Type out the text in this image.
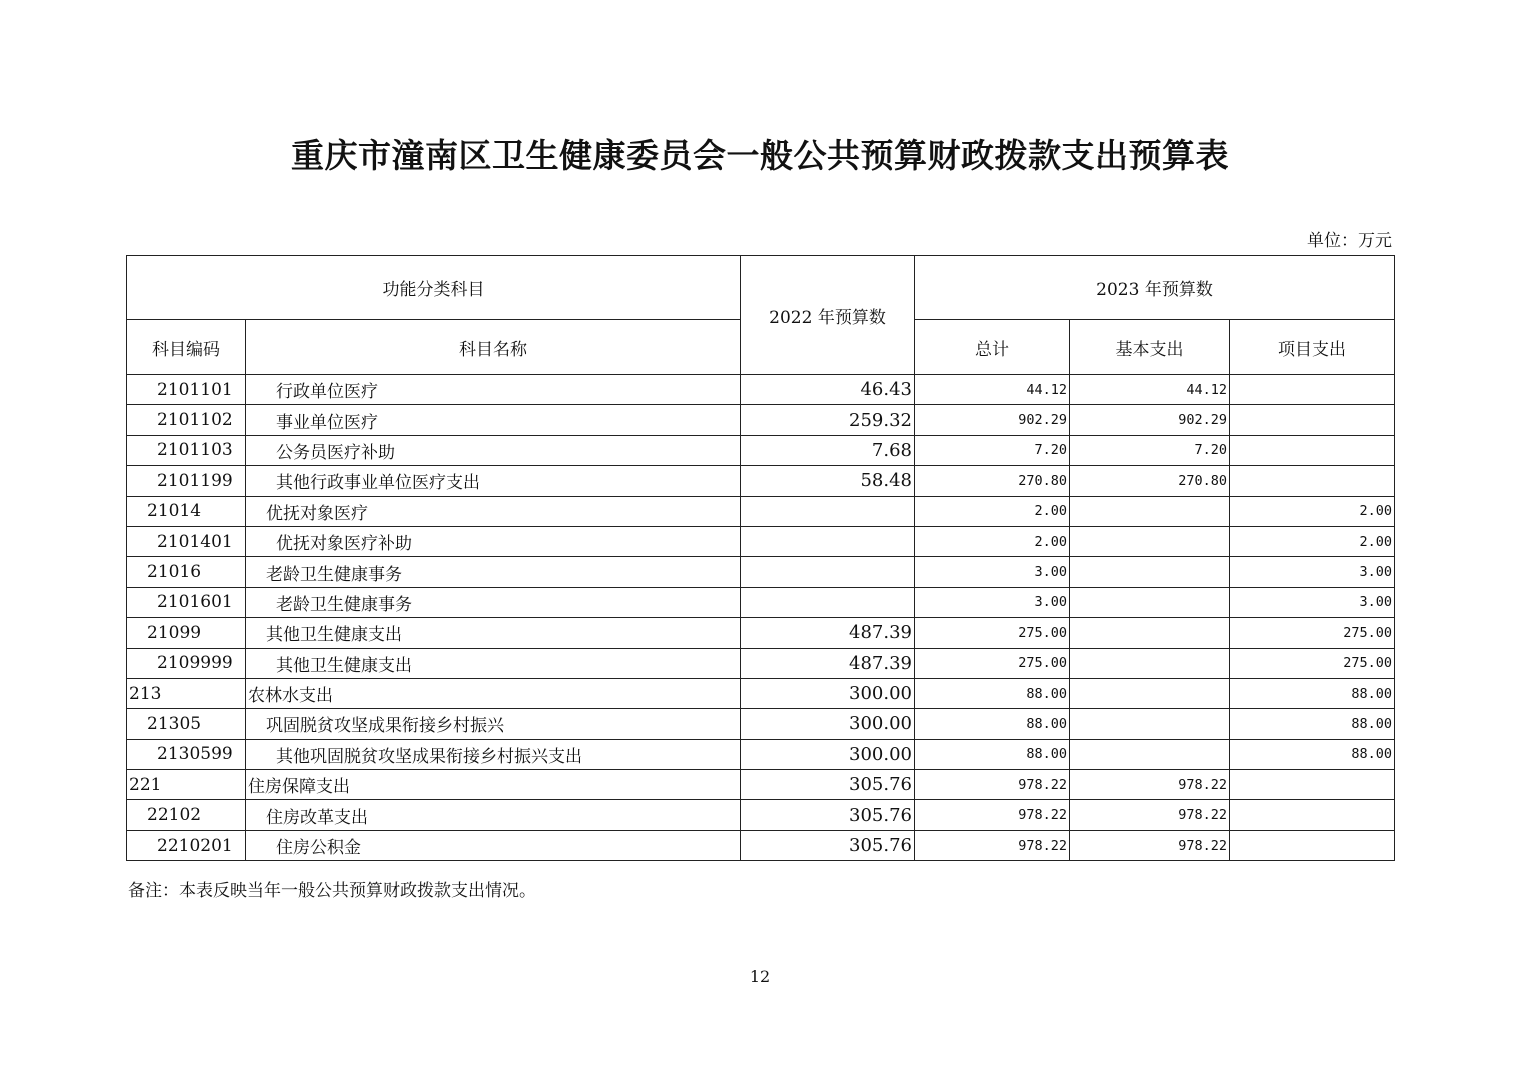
重庆市潼南区卫生健康委员会一般公共预算财政拨款支出预算表
单位：万元
功能分类科目		2022 年预算数	2023 年预算数		
科目编码	科目名称		总计	基本支出	项目支出
2101101	行政单位医疗	46.43	44.12	44.12	
2101102	事业单位医疗	259.32	902.29	902.29	
2101103	公务员医疗补助	7.68	7.20	7.20	
2101199	其他行政事业单位医疗支出	58.48	270.80	270.80	
21014	优抚对象医疗		2.00		2.00
2101401	优抚对象医疗补助		2.00		2.00
21016	老龄卫生健康事务		3.00		3.00
2101601	老龄卫生健康事务		3.00		3.00
21099	其他卫生健康支出	487.39	275.00		275.00
2109999	其他卫生健康支出	487.39	275.00		275.00
213	农林水支出	300.00	88.00		88.00
21305	巩固脱贫攻坚成果衔接乡村振兴	300.00	88.00		88.00
2130599	其他巩固脱贫攻坚成果衔接乡村振兴支出	300.00	88.00		88.00
221	住房保障支出	305.76	978.22	978.22	
22102	住房改革支出	305.76	978.22	978.22	
2210201	住房公积金	305.76	978.22	978.22	
备注：本表反映当年一般公共预算财政拨款支出情况。
12
